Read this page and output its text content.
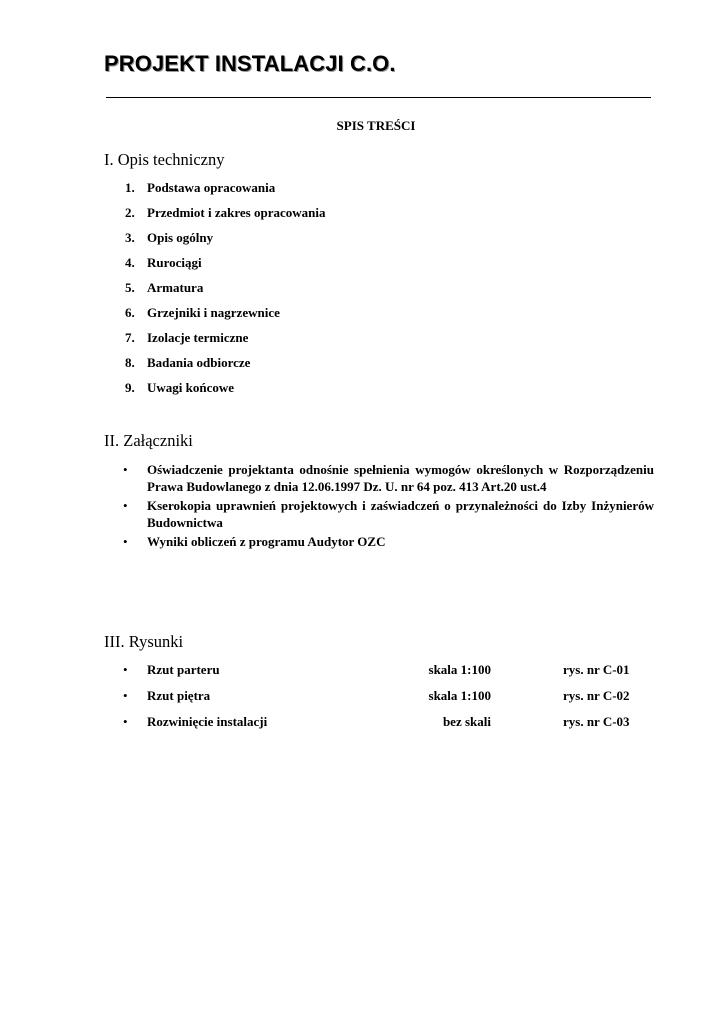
PROJEKT INSTALACJI C.O.
SPIS TREŚCI
I. Opis techniczny
1. Podstawa opracowania
2. Przedmiot i zakres opracowania
3. Opis ogólny
4. Rurociągi
5. Armatura
6. Grzejniki i nagrzewnice
7. Izolacje termiczne
8. Badania odbiorcze
9. Uwagi końcowe
II. Załączniki
• Oświadczenie projektanta odnośnie spełnienia wymogów określonych w Rozporządzeniu Prawa Budowlanego z dnia 12.06.1997 Dz. U. nr 64 poz. 413 Art.20 ust.4
• Kserokopia uprawnień projektowych i zaświadczeń o przynależności do Izby Inżynierów Budownictwa
• Wyniki obliczeń z programu Audytor OZC
III. Rysunki
• Rzut parteru	skala 1:100	rys. nr C-01
• Rzut piętra	skala 1:100	rys. nr C-02
• Rozwinięcie instalacji	bez skali	rys. nr C-03
